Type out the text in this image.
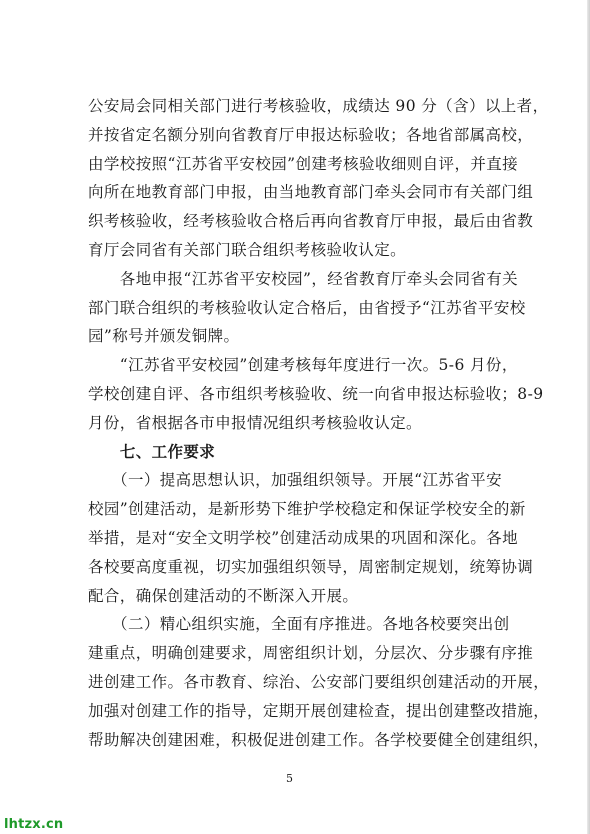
公安局会同相关部门进行考核验收，成绩达 90 分（含）以上者，
并按省定名额分别向省教育厅申报达标验收；各地省部属高校，
由学校按照“江苏省平安校园”创建考核验收细则自评，并直接
向所在地教育部门申报，由当地教育部门牵头会同市有关部门组
织考核验收，经考核验收合格后再向省教育厅申报，最后由省教
育厅会同省有关部门联合组织考核验收认定。
　　各地申报“江苏省平安校园”，经省教育厅牵头会同省有关
部门联合组织的考核验收认定合格后，由省授予“江苏省平安校
园”称号并颁发铜牌。
　　“江苏省平安校园”创建考核每年度进行一次。5-6 月份，
学校创建自评、各市组织考核验收、统一向省申报达标验收；8-9
月份，省根据各市申报情况组织考核验收认定。
　　七、工作要求
　　（一）提高思想认识，加强组织领导。开展“江苏省平安
校园”创建活动，是新形势下维护学校稳定和保证学校安全的新
举措，是对“安全文明学校”创建活动成果的巩固和深化。各地
各校要高度重视，切实加强组织领导，周密制定规划，统筹协调
配合，确保创建活动的不断深入开展。
　　（二）精心组织实施，全面有序推进。各地各校要突出创
建重点，明确创建要求，周密组织计划，分层次、分步骤有序推
进创建工作。各市教育、综治、公安部门要组织创建活动的开展，
加强对创建工作的指导，定期开展创建检查，提出创建整改措施，
帮助解决创建困难，积极促进创建工作。各学校要健全创建组织，
5
lhtzx.cn
